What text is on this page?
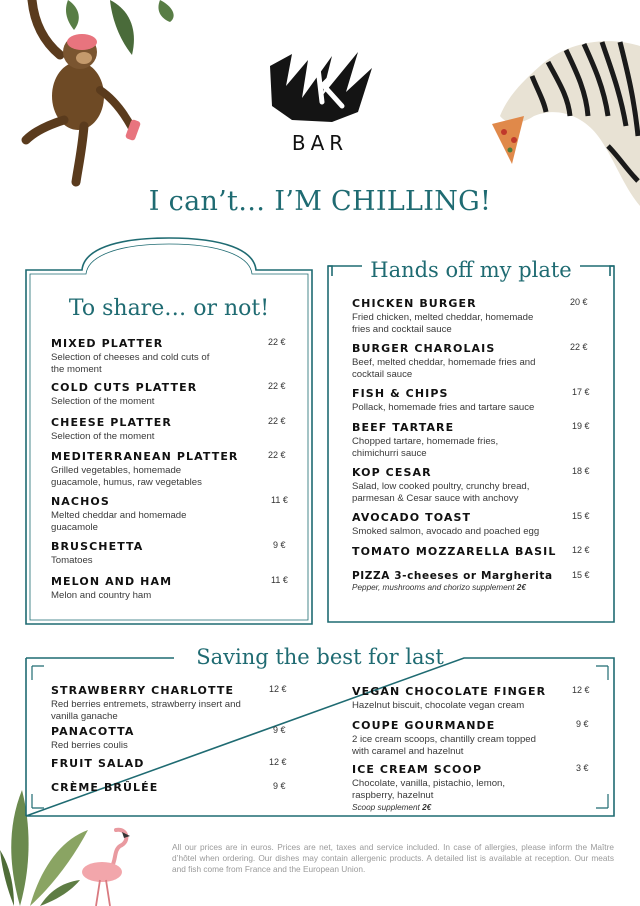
BAR
I can’t… I’M CHILLING!
To share… or not!
Hands off my plate
Saving the best for last
MIXED PLATTER
Selection of cheeses and cold cuts of the moment
22 €
COLD CUTS PLATTER
Selection of the moment
22 €
CHEESE PLATTER
Selection of the moment
22 €
MEDITERRANEAN PLATTER
Grilled vegetables, homemade guacamole, humus, raw vegetables
22 €
NACHOS
Melted cheddar and homemade guacamole
11 €
BRUSCHETTA
Tomatoes
9 €
MELON AND HAM
Melon and country ham
11 €
CHICKEN BURGER
Fried chicken, melted cheddar, homemade fries and cocktail sauce
20 €
BURGER CHAROLAIS
Beef, melted cheddar, homemade fries and cocktail sauce
22 €
FISH & CHIPS
Pollack, homemade fries and tartare sauce
17 €
BEEF TARTARE
Chopped tartare, homemade fries, chimichurri sauce
19 €
KOP CESAR
Salad, low cooked poultry, crunchy bread, parmesan & Cesar sauce with anchovy
18 €
AVOCADO TOAST
Smoked salmon, avocado and poached egg
15 €
TOMATO MOZZARELLA BASIL	12 €
PIZZA 3-cheeses or Margherita
Pepper, mushrooms and chorizo supplement 2€
15 €
STRAWBERRY CHARLOTTE
Red berries entremets, strawberry insert and vanilla ganache
12 €
PANACOTTA
Red berries coulis
9 €
FRUIT SALAD	12 €
CRÈME BRÛLÉE	9 €
VEGAN CHOCOLATE FINGER
Hazelnut biscuit, chocolate vegan cream
12 €
COUPE GOURMANDE
2 ice cream scoops, chantilly cream topped with caramel and hazelnut
9 €
ICE CREAM SCOOP
Chocolate, vanilla, pistachio, lemon, raspberry, hazelnut
Scoop supplement 2€
3 €
All our prices are in euros. Prices are net, taxes and service included. In case of allergies, please inform the Maître d’hôtel when ordering. Our dishes may contain allergenic products. A detailed list is available at reception. Our meats and fish come from France and the European Union.
